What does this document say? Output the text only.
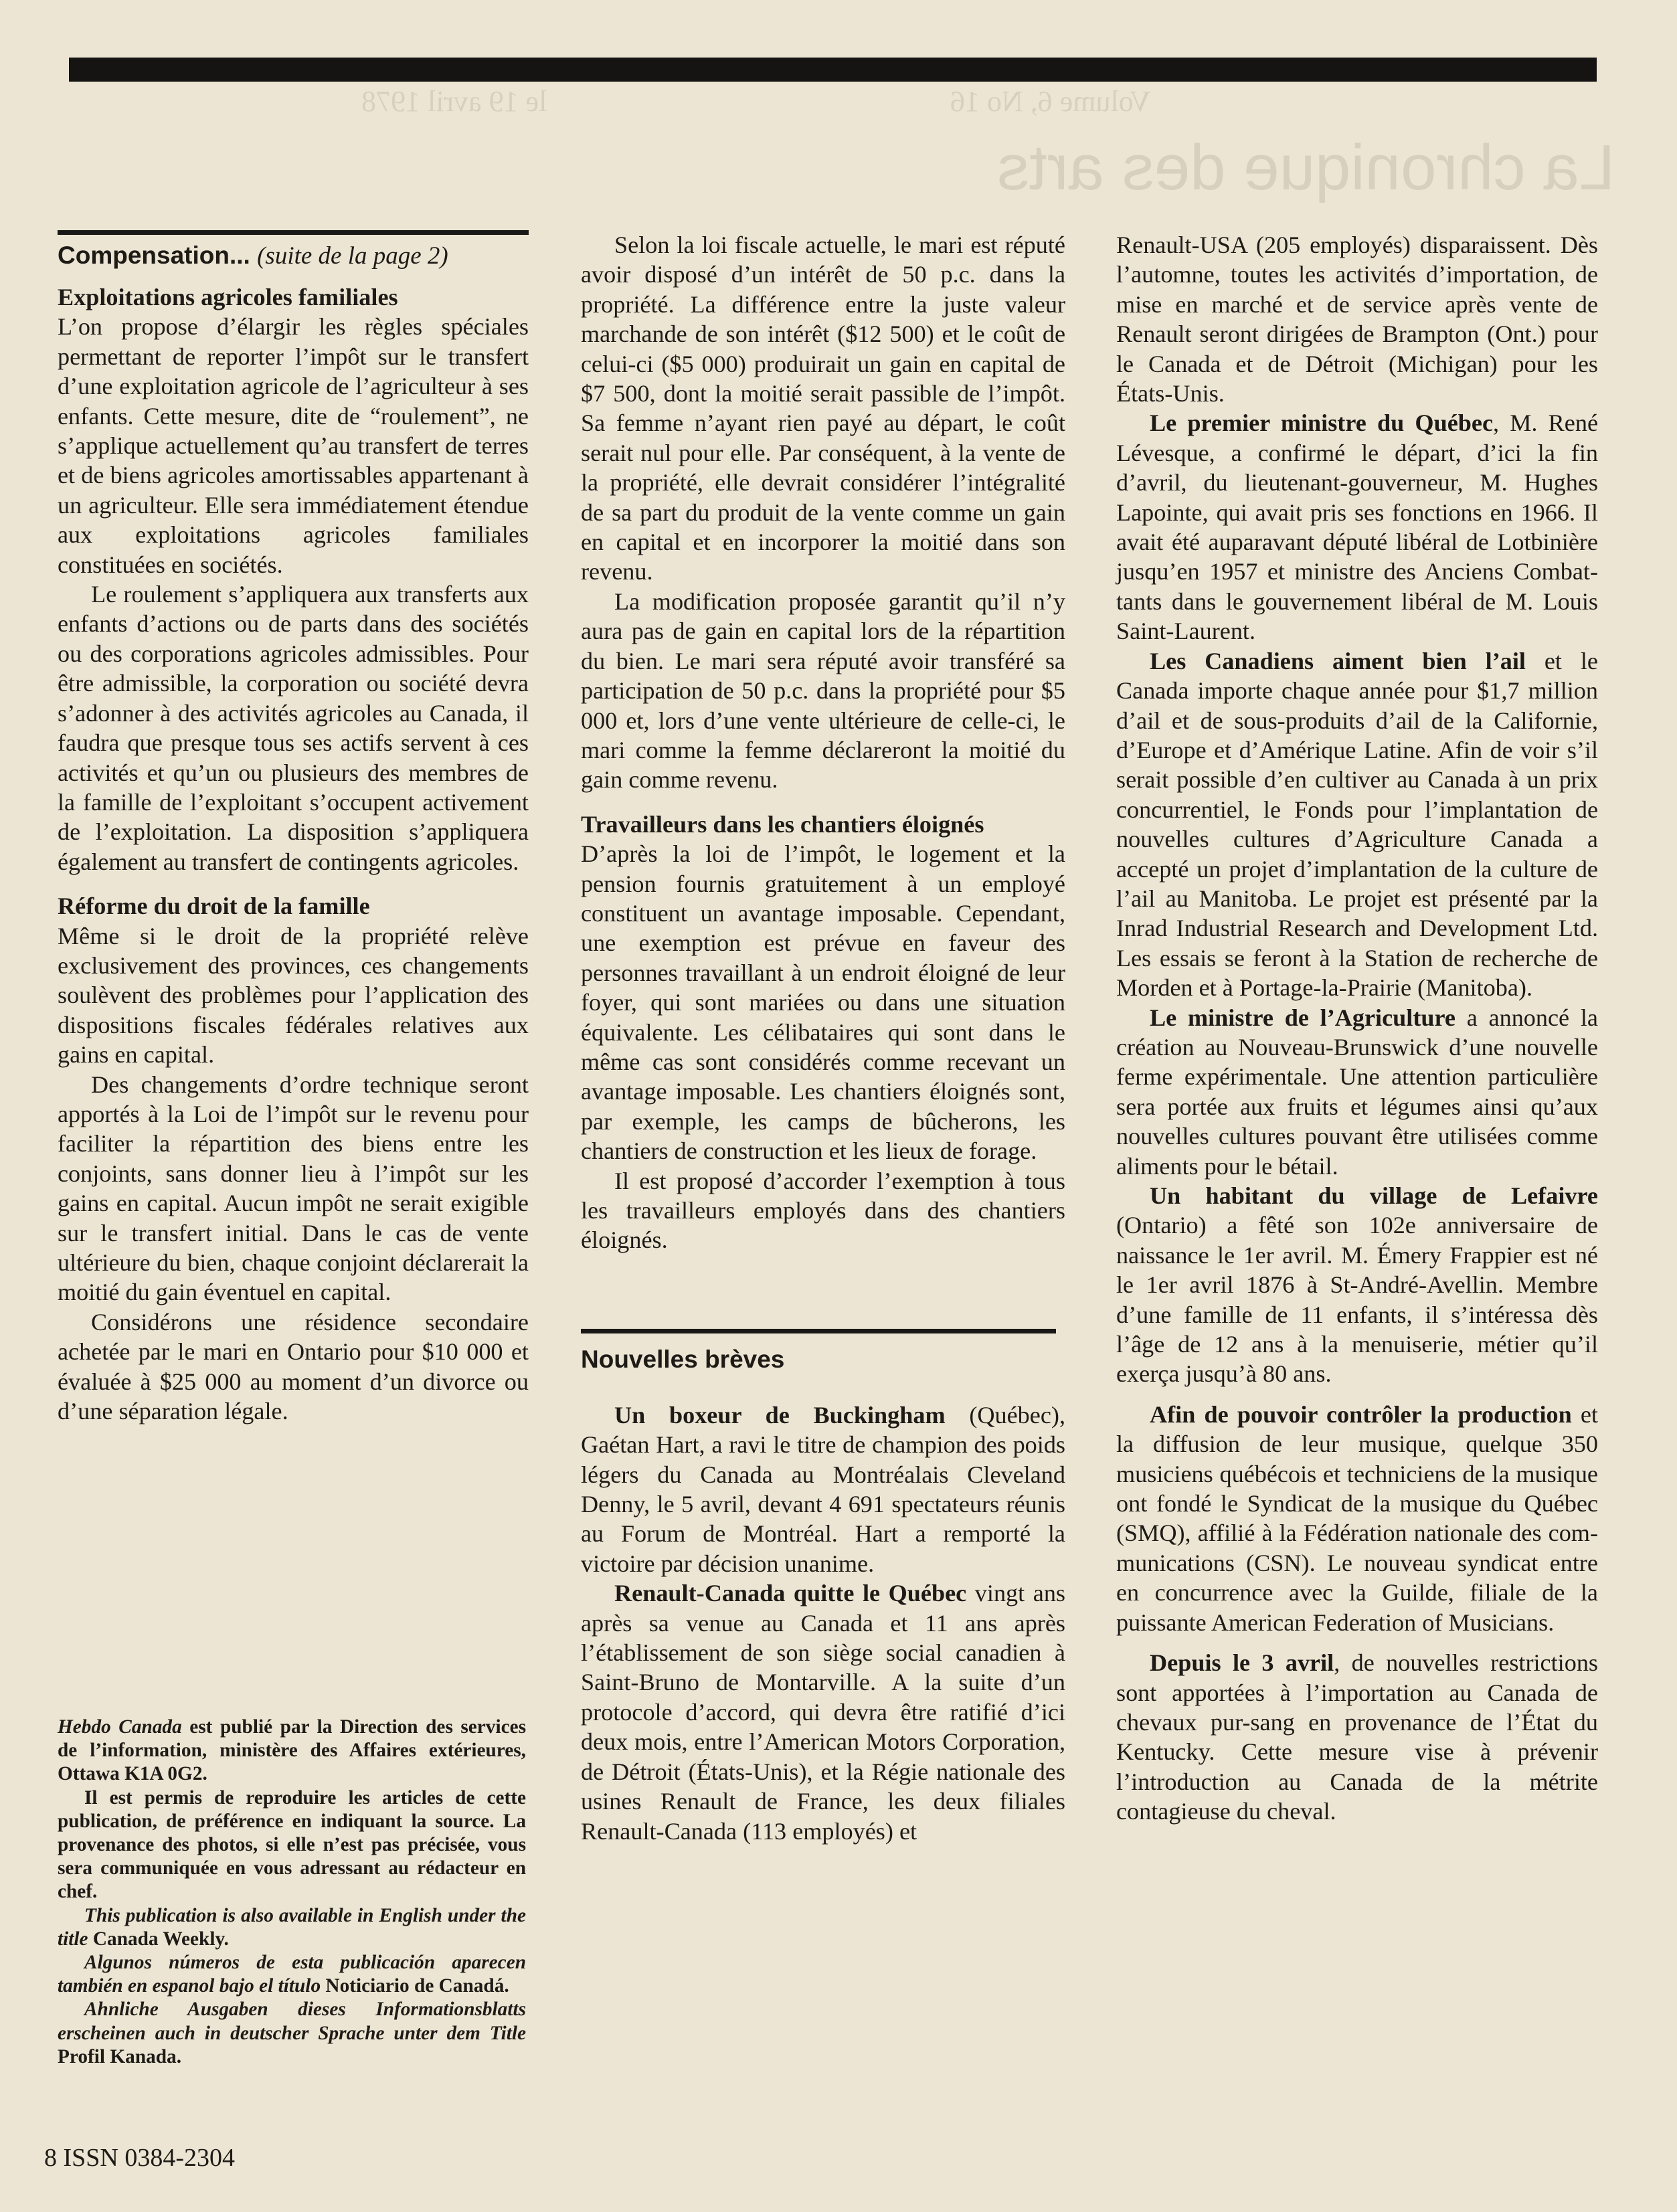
Volume 6, No 16
le 19 avril 1978
La chronique des arts
Compensation... (suite de la page 2)
Exploitations agricoles familiales

L’on propose d’élargir les règles spéciales permettant de reporter l’impôt sur le transfert d’une exploitation agricole de l’agriculteur à ses enfants. Cette mesure, dite de “roulement”, ne s’applique actuellement qu’au transfert de terres et de biens agricoles amortissables appartenant à un agriculteur. Elle sera immédiatement étendue aux exploitations agricoles familiales constituées en sociétés.

Le roulement s’appliquera aux transferts aux enfants d’actions ou de parts dans des sociétés ou des corporations agricoles admissibles. Pour être admissible, la corporation ou société devra s’adonner à des activités agricoles au Canada, il faudra que presque tous ses actifs servent à ces activités et qu’un ou plusieurs des membres de la famille de l’exploitant s’occupent activement de l’exploitation. La disposition s’appliquera également au transfert de contingents agricoles.

Réforme du droit de la famille

Même si le droit de la propriété relève exclusivement des provinces, ces changements soulèvent des problèmes pour l’application des dispositions fiscales fédérales relatives aux gains en capital.

Des changements d’ordre technique seront apportés à la Loi de l’impôt sur le revenu pour faciliter la répartition des biens entre les conjoints, sans donner lieu à l’impôt sur les gains en capital. Aucun impôt ne serait exigible sur le transfert initial. Dans le cas de vente ultérieure du bien, chaque conjoint déclarerait la moitié du gain éventuel en capital.

Considérons une résidence secondaire achetée par le mari en Ontario pour $10 000 et évaluée à $25 000 au moment d’un divorce ou d’une séparation légale.

Hebdo Canada est publié par la Direction des services de l’information, ministère des Affaires extérieures, Ottawa K1A 0G2.

Il est permis de reproduire les articles de cette publication, de préférence en indiquant la source. La provenance des photos, si elle n’est pas précisée, vous sera communiquée en vous adressant au rédacteur en chef.

This publication is also available in English under the title Canada Weekly.

Algunos números de esta publicación aparecen también en espanol bajo el título Noticiario de Canadá.

Ahnliche Ausgaben dieses Informationsblatts erscheinen auch in deutscher Sprache unter dem Title Profil Kanada.

8 ISSN 0384-2304

Selon la loi fiscale actuelle, le mari est réputé avoir disposé d’un intérêt de 50 p.c. dans la propriété. La différence entre la juste valeur marchande de son intérêt ($12 500) et le coût de celui-ci ($5 000) produirait un gain en capital de $7 500, dont la moitié serait passible de l’impôt. Sa femme n’ayant rien payé au départ, le coût serait nul pour elle. Par conséquent, à la vente de la propriété, elle devrait considérer l’intégralité de sa part du produit de la vente comme un gain en capital et en incorporer la moitié dans son revenu.

La modification proposée garantit qu’il n’y aura pas de gain en capital lors de la répartition du bien. Le mari sera réputé avoir transféré sa participation de 50 p.c. dans la propriété pour $5 000 et, lors d’une vente ultérieure de celle-ci, le mari comme la femme déclareront la moitié du gain comme revenu.

Travailleurs dans les chantiers éloignés

D’après la loi de l’impôt, le logement et la pension fournis gratuitement à un employé constituent un avantage imposable. Cependant, une exemption est prévue en faveur des personnes travaillant à un endroit éloigné de leur foyer, qui sont mariées ou dans une situation équivalente. Les célibataires qui sont dans le même cas sont considérés comme recevant un avantage imposable. Les chantiers éloignés sont, par exemple, les camps de bûcherons, les chantiers de construction et les lieux de forage.

Il est proposé d’accorder l’exemption à tous les travailleurs employés dans des chantiers éloignés.

Nouvelles brèves

Un boxeur de Buckingham (Québec), Gaétan Hart, a ravi le titre de champion des poids légers du Canada au Montréalais Cleveland Denny, le 5 avril, devant 4 691 spectateurs réunis au Forum de Montréal. Hart a remporté la victoire par décision unanime.

Renault-Canada quitte le Québec vingt ans après sa venue au Canada et 11 ans après l’établissement de son siège social canadien à Saint-Bruno de Montarville. A la suite d’un protocole d’accord, qui devra être ratifié d’ici deux mois, entre l’American Motors Corporation, de Détroit (États-Unis), et la Régie nationale des usines Renault de France, les deux filiales Renault-Canada (113 employés) et

Renault-USA (205 employés) disparaissent. Dès l’automne, toutes les activités d’importation, de mise en marché et de service après vente de Renault seront dirigées de Brampton (Ont.) pour le Canada et de Détroit (Michigan) pour les États-Unis.

Le premier ministre du Québec, M. René Lévesque, a confirmé le départ, d’ici la fin d’avril, du lieutenant-gouverneur, M. Hughes Lapointe, qui avait pris ses fonctions en 1966. Il avait été auparavant député libéral de Lotbinière jusqu’en 1957 et ministre des Anciens Combattants dans le gouvernement libéral de M. Louis Saint-Laurent.

Les Canadiens aiment bien l’ail et le Canada importe chaque année pour $1,7 million d’ail et de sous-produits d’ail de la Californie, d’Europe et d’Amérique Latine. Afin de voir s’il serait possible d’en cultiver au Canada à un prix concurrentiel, le Fonds pour l’implantation de nouvelles cultures d’Agriculture Canada a accepté un projet d’implantation de la culture de l’ail au Manitoba. Le projet est présenté par la Inrad Industrial Research and Development Ltd. Les essais se feront à la Station de recherche de Morden et à Portage-la-Prairie (Manitoba).

Le ministre de l’Agriculture a annoncé la création au Nouveau-Brunswick d’une nouvelle ferme expérimentale. Une attention particulière sera portée aux fruits et légumes ainsi qu’aux nouvelles cultures pouvant être utilisées comme aliments pour le bétail.

Un habitant du village de Lefaivre (Ontario) a fêté son 102e anniversaire de naissance le 1er avril. M. Émery Frappier est né le 1er avril 1876 à St-André-Avellin. Membre d’une famille de 11 enfants, il s’intéressa dès l’âge de 12 ans à la menuiserie, métier qu’il exerça jusqu’à 80 ans.

Afin de pouvoir contrôler la production et la diffusion de leur musique, quelque 350 musiciens québécois et techniciens de la musique ont fondé le Syndicat de la musique du Québec (SMQ), affilié à la Fédération nationale des communications (CSN). Le nouveau syndicat entre en concurrence avec la Guilde, filiale de la puissante American Federation of Musicians.

Depuis le 3 avril, de nouvelles restrictions sont apportées à l’importation au Canada de chevaux pur-sang en provenance de l’État du Kentucky. Cette mesure vise à prévenir l’introduction au Canada de la métrite contagieuse du cheval.
